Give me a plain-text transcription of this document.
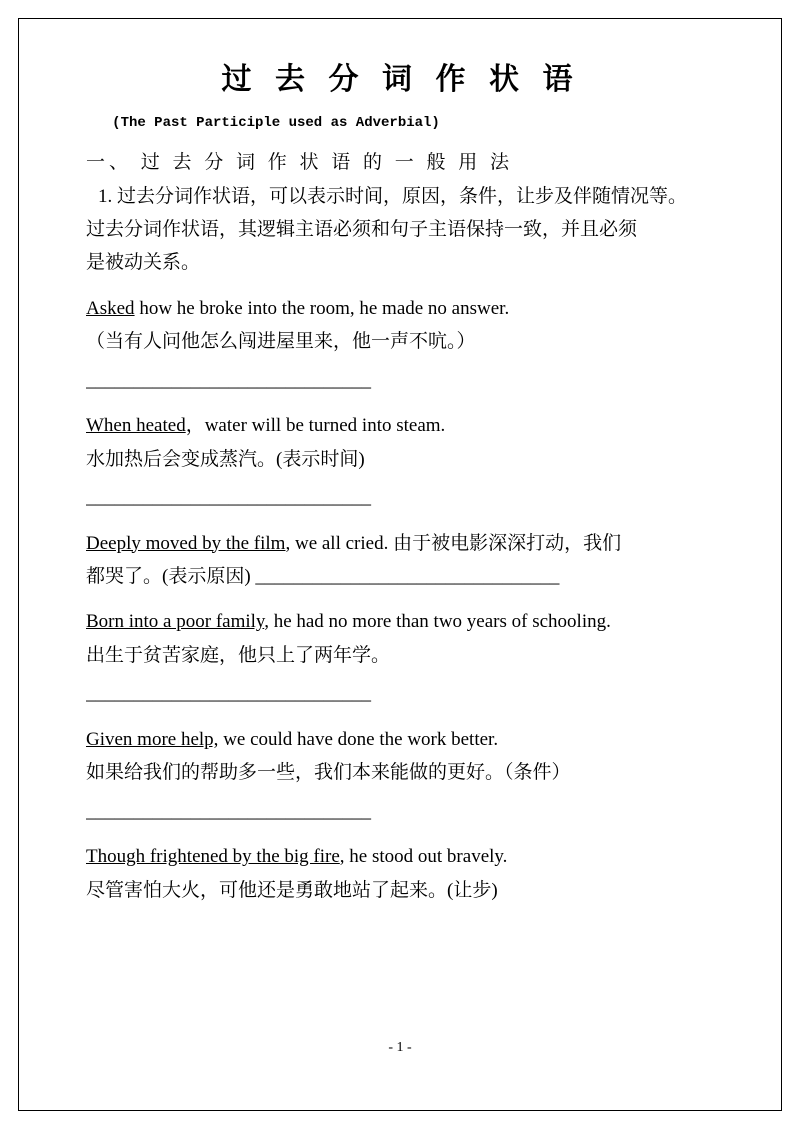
过 去 分 词 作 状 语
(The Past Participle used as Adverbial)
一、 过 去 分 词 作 状 语 的 一 般 用 法

1. 过去分词作状语，可以表示时间，原因，条件，让步及伴随情况等。

过去分词作状语，其逻辑主语必须和句子主语保持一致，并且必须

是被动关系。

Asked how he broke into the room, he made no answer.

（当有人问他怎么闯进屋里来，他一声不吭。）

______________________________

When heated，water will be turned into steam.

水加热后会变成蒸汽。(表示时间)

______________________________

Deeply moved by the film, we all cried. 由于被电影深深打动，我们

都哭了。(表示原因) ________________________________

Born into a poor family, he had no more than two years of schooling.

出生于贫苦家庭，他只上了两年学。

______________________________

Given more help, we could have done the work better.

如果给我们的帮助多一些，我们本来能做的更好。（条件）

______________________________

Though frightened by the big fire, he stood out bravely.

尽管害怕大火，可他还是勇敢地站了起来。(让步)

- 1 -
